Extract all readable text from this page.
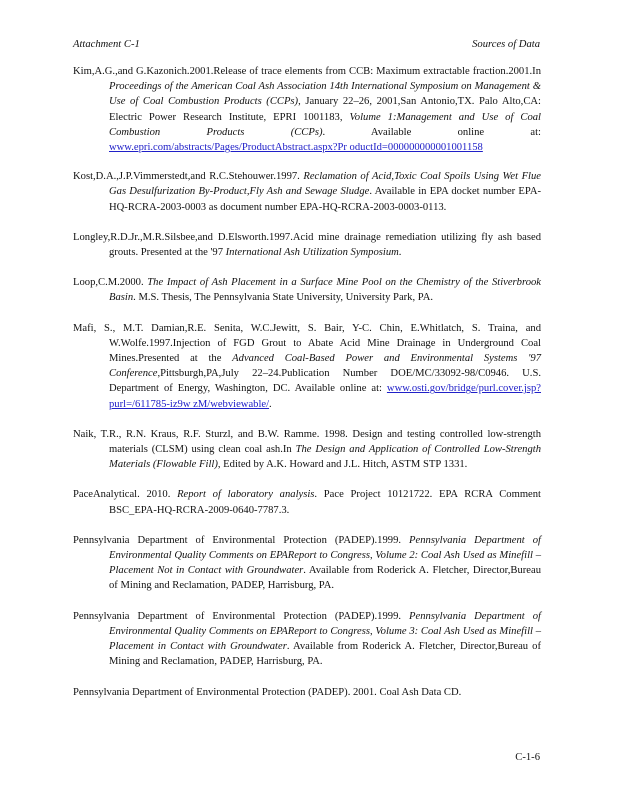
Attachment C-1	Sources of Data

Kim,A.G.,and G.Kazonich.2001.Release of trace elements from CCB: Maximum extractable fraction.2001.In Proceedings of the American Coal Ash Association 14th International Symposium on Management & Use of Coal Combustion Products (CCPs), January 22–26, 2001,San Antonio,TX. Palo Alto,CA: Electric Power Research Institute, EPRI 1001183, Volume 1:Management and Use of Coal Combustion Products (CCPs). Available online at: www.epri.com/abstracts/Pages/ProductAbstract.aspx?Pr oductId=000000000001001158

Kost,D.A.,J.P.Vimmerstedt,and R.C.Stehouwer.1997. Reclamation of Acid,Toxic Coal Spoils Using Wet Flue Gas Desulfurization By-Product,Fly Ash and Sewage Sludge. Available in EPA docket number EPA-HQ-RCRA-2003-0003 as document number EPA-HQ-RCRA-2003-0003-0113.

Longley,R.D.Jr.,M.R.Silsbee,and D.Elsworth.1997.Acid mine drainage remediation utilizing fly ash based grouts. Presented at the '97 International Ash Utilization Symposium.

Loop,C.M.2000. The Impact of Ash Placement in a Surface Mine Pool on the Chemistry of the Stiverbrook Basin. M.S. Thesis, The Pennsylvania State University, University Park, PA.

Mafi, S., M.T. Damian,R.E. Senita, W.C.Jewitt, S. Bair, Y-C. Chin, E.Whitlatch, S. Traina, and W.Wolfe.1997.Injection of FGD Grout to Abate Acid Mine Drainage in Underground Coal Mines.Presented at the Advanced Coal-Based Power and Environmental Systems '97 Conference,Pittsburgh,PA,July 22–24.Publication Number DOE/MC/33092-98/C0946. U.S. Department of Energy, Washington, DC. Available online at: www.osti.gov/bridge/purl.cover.jsp?purl=/611785-iz9w zM/webviewable/.

Naik, T.R., R.N. Kraus, R.F. Sturzl, and B.W. Ramme. 1998. Design and testing controlled low-strength materials (CLSM) using clean coal ash.In The Design and Application of Controlled Low-Strength Materials (Flowable Fill), Edited by A.K. Howard and J.L. Hitch, ASTM STP 1331.

PaceAnalytical. 2010. Report of laboratory analysis. Pace Project 10121722. EPA RCRA Comment BSC_EPA-HQ-RCRA-2009-0640-7787.3.

Pennsylvania Department of Environmental Protection (PADEP).1999. Pennsylvania Department of Environmental Quality Comments on EPAReport to Congress, Volume 2: Coal Ash Used as Minefill – Placement Not in Contact with Groundwater. Available from Roderick A. Fletcher, Director,Bureau of Mining and Reclamation, PADEP, Harrisburg, PA.

Pennsylvania Department of Environmental Protection (PADEP).1999. Pennsylvania Department of Environmental Quality Comments on EPAReport to Congress, Volume 3: Coal Ash Used as Minefill – Placement in Contact with Groundwater. Available from Roderick A. Fletcher, Director,Bureau of Mining and Reclamation, PADEP, Harrisburg, PA.

Pennsylvania Department of Environmental Protection (PADEP). 2001. Coal Ash Data CD.

C-1-6
